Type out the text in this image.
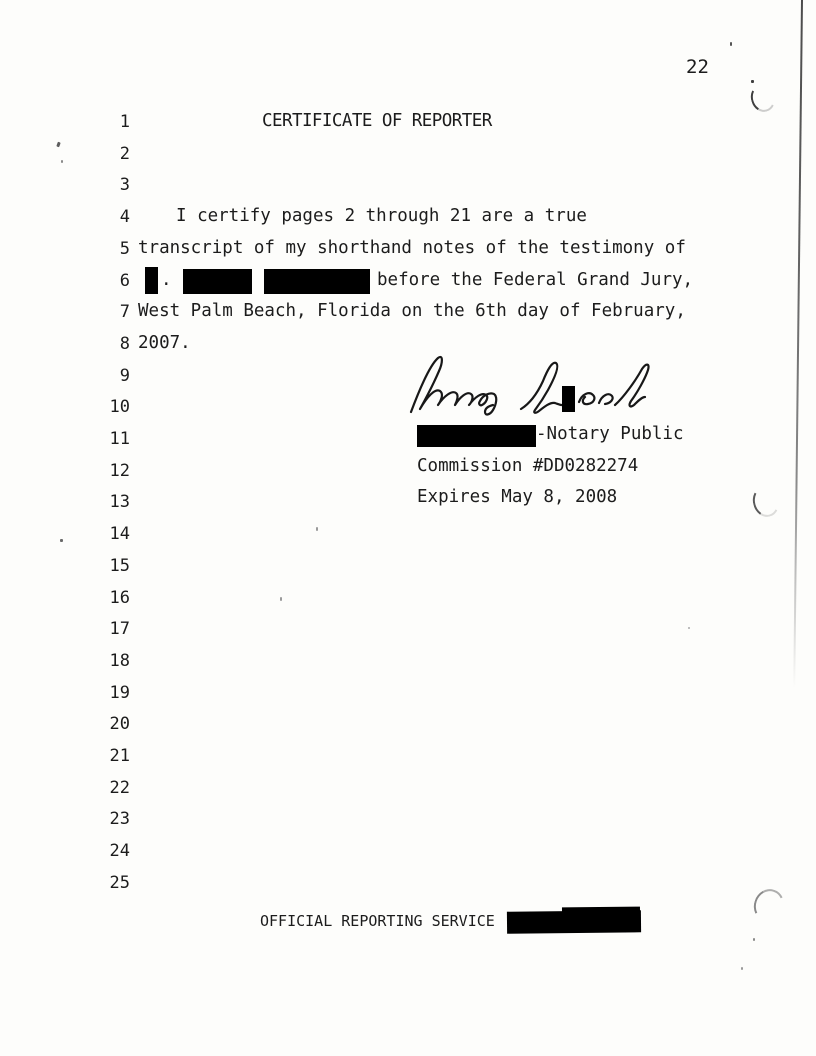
22
1
2
3
4
5
6
7
8
9
10
11
12
13
14
15
16
17
18
19
20
21
22
23
24
25
CERTIFICATE OF REPORTER
I certify pages 2 through 21 are a true
transcript of my shorthand notes of the testimony of
.	before the Federal Grand Jury,
West Palm Beach, Florida on the 6th day of February,
2007.
-Notary Public
Commission #DD0282274
Expires May 8, 2008
OFFICIAL REPORTING SERVICE
